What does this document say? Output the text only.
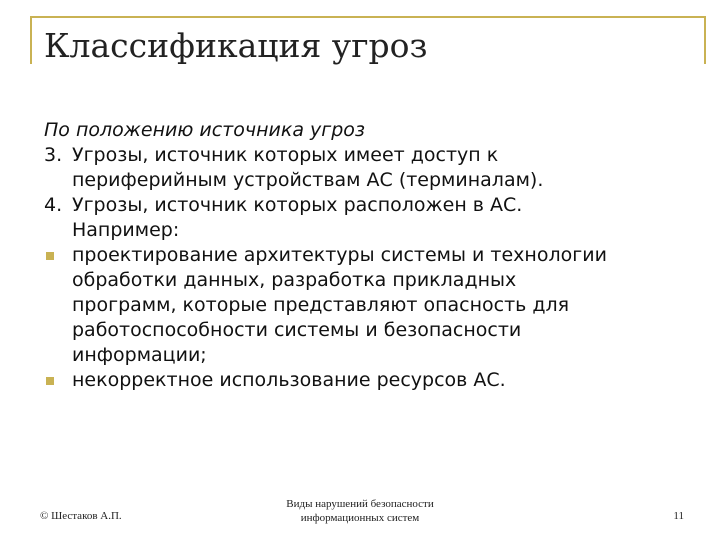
Классификация угроз
По положению источника угроз
3. Угрозы, источник которых имеет доступ к
периферийным устройствам АС (терминалам).
4. Угрозы, источник которых расположен в АС.
Например:
проектирование архитектуры системы и технологии
обработки данных, разработка прикладных
программ, которые представляют опасность для
работоспособности системы и безопасности
информации;
некорректное использование ресурсов АС.
© Шестаков А.П.
Виды нарушений безопасности
информационных систем	11
